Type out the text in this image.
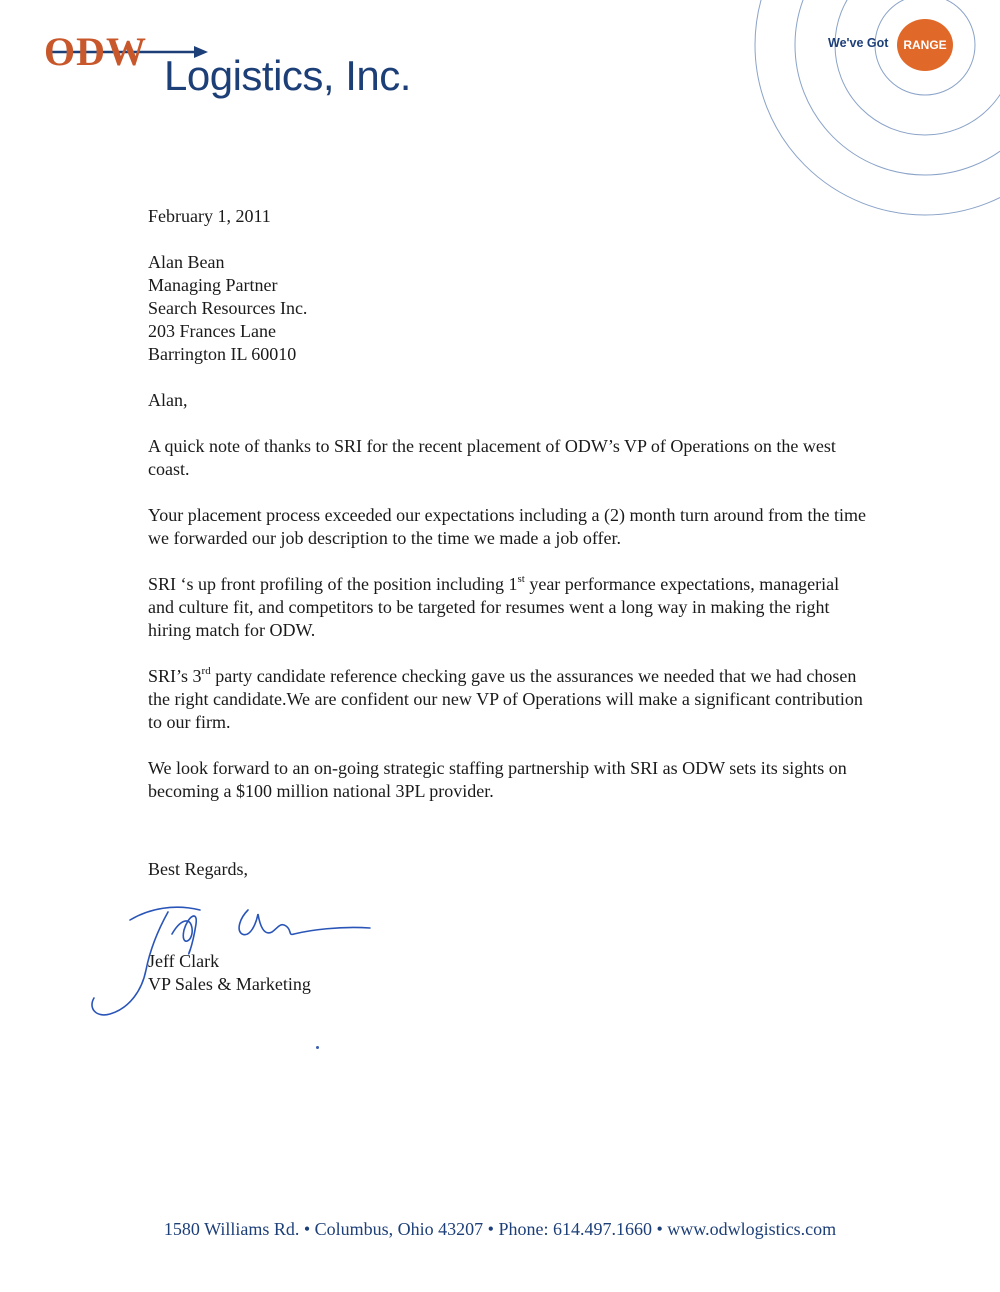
ODW
Logistics, Inc.
We've Got	RANGE

February 1, 2011

Alan Bean
Managing Partner
Search Resources Inc.
203 Frances Lane
Barrington IL 60010

Alan,

A quick note of thanks to SRI for the recent placement of ODW’s VP of Operations on the west coast.

Your placement process exceeded our expectations including a (2) month turn around from the time we forwarded our job description to the time we made a job offer.

SRI ‘s up front profiling of the position including 1st year performance expectations, managerial and culture fit, and competitors to be targeted for resumes went a long way in making the right hiring match for ODW.

SRI’s 3rd party candidate reference checking gave us the assurances we needed that we had chosen the right candidate.We are confident our new VP of Operations will make a significant contribution to our firm.

We look forward to an on-going strategic staffing partnership with SRI as ODW sets its sights on becoming a $100 million national 3PL provider.

Best Regards,

Jeff Clark

VP Sales & Marketing

1580 Williams Rd. • Columbus, Ohio 43207 • Phone: 614.497.1660 • www.odwlogistics.com
